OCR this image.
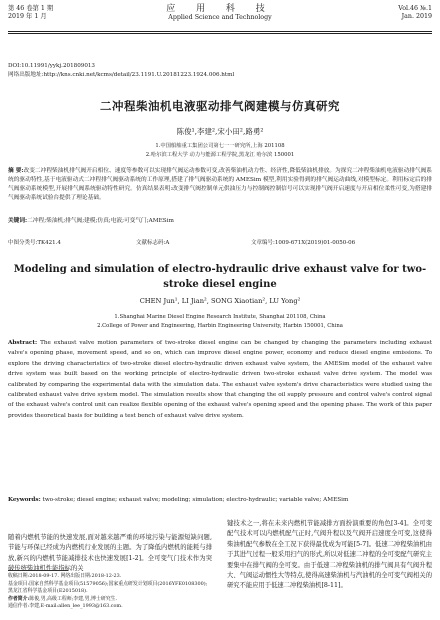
第 46 卷第 1 期
2019 年 1 月
应 用 科 技
Applied Science and Technology
Vol.46 №.1
Jan. 2019
DOI:10.11991/yykj.201809013
网络出版地址:http://kns.cnki.net/kcms/detail/23.1191.U.20181223.1924.006.html
二冲程柴油机电液驱动排气阀建模与仿真研究
陈俊¹,李建²,宋小田²,路勇²
1.中国船舶重工集团公司第七一一研究所,上海 201108
2.哈尔滨工程大学 动力与能源工程学院,黑龙江 哈尔滨 150001
摘 要:改变二冲程柴油机排气阀开启相位、速度等参数可以实现排气阀运动参数可变,改善柴油机动力性、经济性,降低柴油机排放。为探究二冲程柴油机电液驱动排气阀系统的驱动特性,基于电液驱动式二冲程排气阀驱动系统的工作原理,搭建了排气阀驱动系统的 AMESim 模型,利用实验得到的排气阀运动曲线,对模型标定。利用标定后的排气阀驱动系统模型,开展排气阀系统驱动特性研究。仿真结果表明:改变排气阀控制单元供油压力与控制阀控制信号可以实现排气阀开启速度与开启相位柔性可变,为搭建排气阀驱动系统试验台提供了理论基础。
关键词:二冲程;柴油机;排气阀;建模;仿真;电液;可变气门;AMESim
中图分类号:TK421.4	文献标志码:A	文章编号:1009-671X(2019)01-0050-06
Modeling and simulation of electro-hydraulic drive exhaust valve for two-stroke diesel engine
CHEN Jun¹, LI Jian², SONG Xiaotian², LU Yong²
1.Shanghai Marine Diesel Engine Research Institute, Shanghai 201108, China
2.College of Power and Engineering, Harbin Engineering University, Harbin 150001, China
Abstract: The exhaust valve motion parameters of two-stroke diesel engine can be changed by changing the parameters including exhaust valve's opening phase, movement speed, and so on, which can improve diesel engine power, economy and reduce diesel engine emissions. To explore the driving characteristics of two-stroke diesel electro-hydraulic driven exhaust valve system, the AMESim model of the exhaust valve drive system was built based on the working principle of electro-hydraulic driven two-stroke exhaust valve drive system. The model was calibrated by comparing the experimental data with the simulation data. The exhaust valve system's drive characteristics were studied using the calibrated exhaust valve drive system model. The simulation results show that changing the oil supply pressure and control valve's control signal of the exhaust valve's control unit can realize flexible opening of the exhaust valve's opening speed and the opening phase. The work of this paper provides theoretical basis for building a test bench of exhaust valve drive system.
Keywords: two-stroke; diesel engine; exhaust valve; modeling; simulation; electro-hydraulic; variable valve; AMESim
随着内燃机节能的快速发展,面对越来越严重的环境污染与能源短缺问题,节能与环保已经成为内燃机行业发展的主题。为了降低内燃机的能耗与排放,新兴的内燃机节能减排技术也快速发展[1-2]。全可变气门技术作为突破传统柴油机性能指标的关
键技术之一,将在未来内燃机节能减排方面扮演重要的角色[3-4]。全可变配气技术可以内燃机配气正时,气阀升程以及气阀开启速度全可变,这使得柴油机配气参数在全工况下获得最优成为可能[5-7]。低速二冲程柴油机由于其进气过程一般采用扫气的形式,所以对低速二冲程的全可变配气研究主要集中在排气阀的全可变。由于低速二冲程柴油机的排气阀具有气阀升程大、气阀运动惯性大等特点,使得高速柴油机与汽油机的全可变气阀相关的研究不能应用于低速二冲程柴油机[8-11]。
收稿日期:2018-09-17. 网络出版日期:2018-12-23.
基金项目:国家自然科学基金项目(51579056);国家重点研发计划项目(2016YFE0108300);黑龙江省科学基金项目(E2015018).
作者简介:陈俊,男,高级工程师;李建,男,博士研究生.
通信作者:李建,E-mail:allen_lee_1993@163.com.
